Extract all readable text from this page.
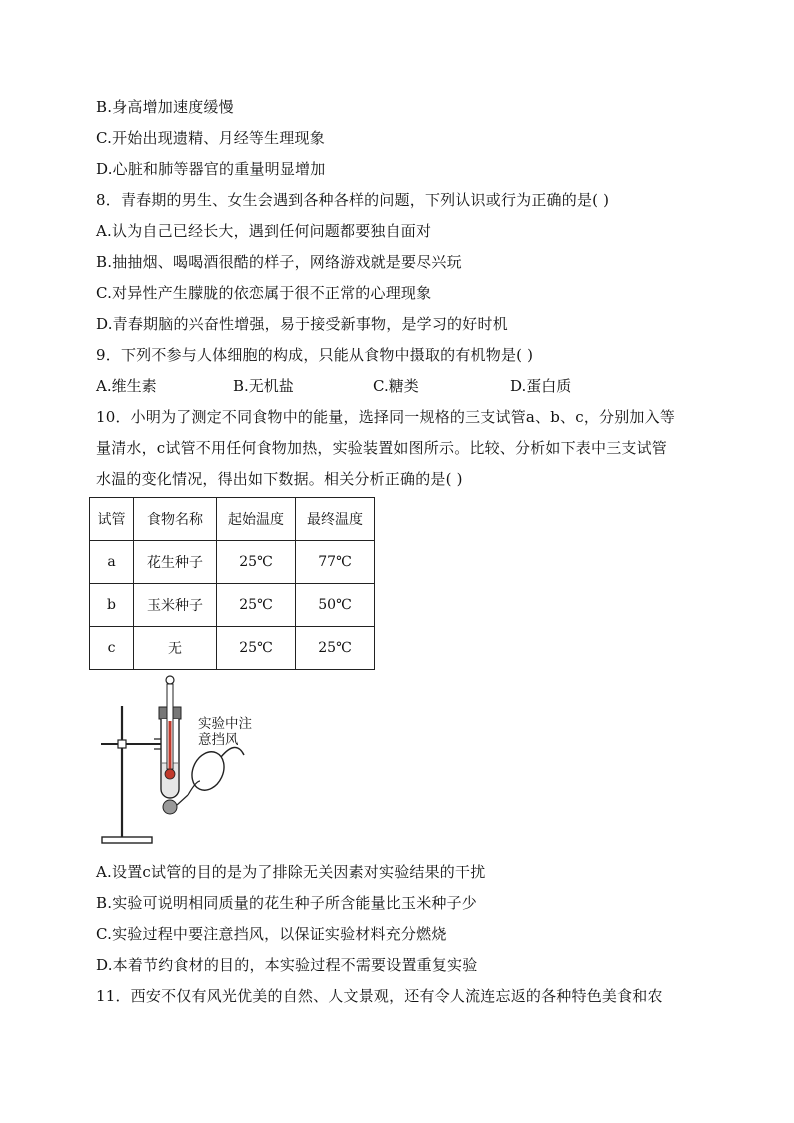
B.身高增加速度缓慢
C.开始出现遗精、月经等生理现象
D.心脏和肺等器官的重量明显增加
8．青春期的男生、女生会遇到各种各样的问题，下列认识或行为正确的是( )
A.认为自己已经长大，遇到任何问题都要独自面对
B.抽抽烟、喝喝酒很酷的样子，网络游戏就是要尽兴玩
C.对异性产生朦胧的依恋属于很不正常的心理现象
D.青春期脑的兴奋性增强，易于接受新事物，是学习的好时机
9．下列不参与人体细胞的构成，只能从食物中摄取的有机物是( )
A.维生素	B.无机盐	C.糖类	D.蛋白质
10．小明为了测定不同食物中的能量，选择同一规格的三支试管a、b、c，分别加入等
量清水，c试管不用任何食物加热，实验装置如图所示。比较、分析如下表中三支试管
水温的变化情况，得出如下数据。相关分析正确的是( )
试管	食物名称	起始温度	最终温度
a	花生种子	25℃	77℃
b	玉米种子	25℃	50℃
c	无	25℃	25℃
实验中注意挡风
A.设置c试管的目的是为了排除无关因素对实验结果的干扰
B.实验可说明相同质量的花生种子所含能量比玉米种子少
C.实验过程中要注意挡风，以保证实验材料充分燃烧
D.本着节约食材的目的，本实验过程不需要设置重复实验
11．西安不仅有风光优美的自然、人文景观，还有令人流连忘返的各种特色美食和农
